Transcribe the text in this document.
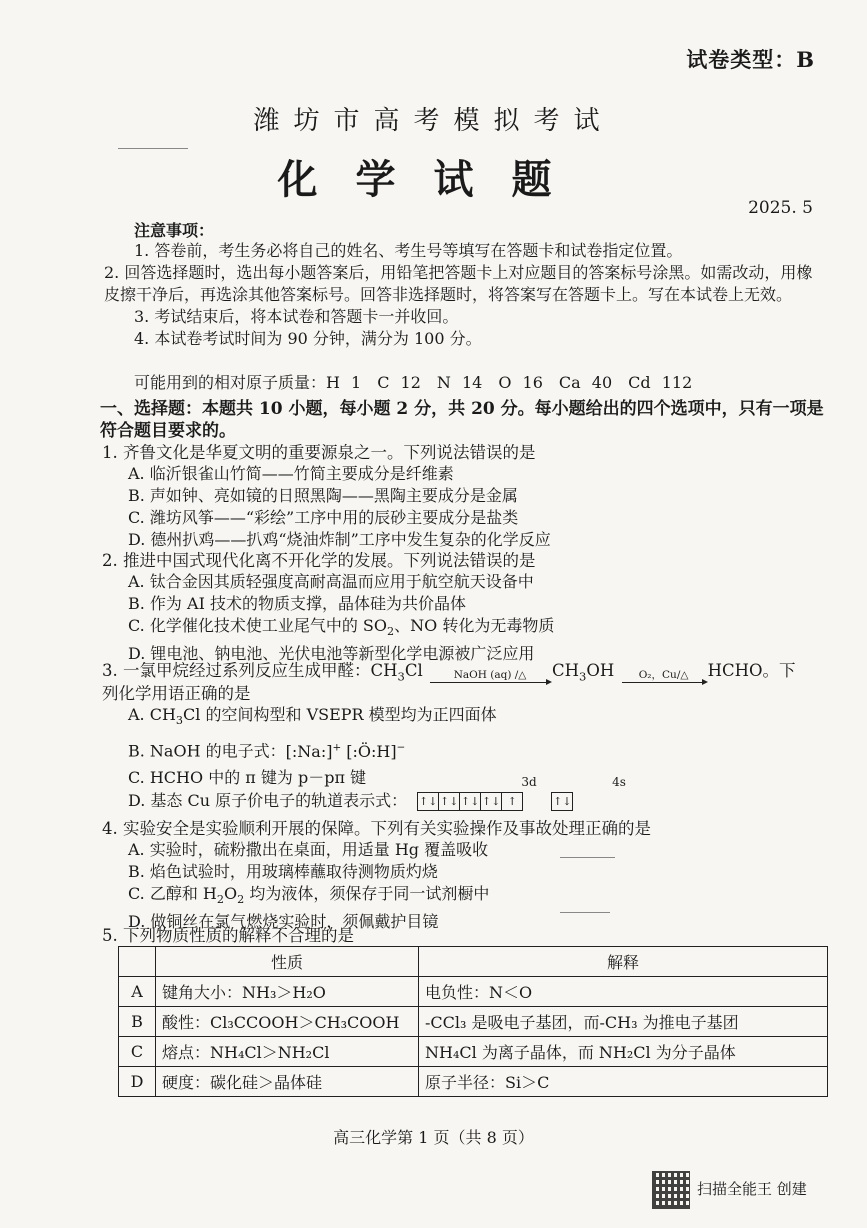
试卷类型：B
潍坊市高考模拟考试
化学试题
2025. 5
注意事项：

1. 答卷前，考生务必将自己的姓名、考生号等填写在答题卡和试卷指定位置。

2. 回答选择题时，选出每小题答案后，用铅笔把答题卡上对应题目的答案标号涂黑。如需改动，用橡皮擦干净后，再选涂其他答案标号。回答非选择题时，将答案写在答题卡上。写在本试卷上无效。

3. 考试结束后，将本试卷和答题卡一并收回。

4. 本试卷考试时间为 90 分钟，满分为 100 分。

可能用到的相对原子质量：H 1　C 12　N 14　O 16　Ca 40　Cd 112
一、选择题：本题共 10 小题，每小题 2 分，共 20 分。每小题给出的四个选项中，只有一项是符合题目要求的。
1. 齐鲁文化是华夏文明的重要源泉之一。下列说法错误的是
A. 临沂银雀山竹简——竹简主要成分是纤维素
B. 声如钟、亮如镜的日照黑陶——黑陶主要成分是金属
C. 潍坊风筝——“彩绘”工序中用的辰砂主要成分是盐类
D. 德州扒鸡——扒鸡“烧油炸制”工序中发生复杂的化学反应
2. 推进中国式现代化离不开化学的发展。下列说法错误的是
A. 钛合金因其质轻强度高耐高温而应用于航空航天设备中
B. 作为 AI 技术的物质支撑，晶体硅为共价晶体
C. 化学催化技术使工业尾气中的 $SO_2$、NO 转化为无毒物质
D. 锂电池、钠电池、光伏电池等新型化学电源被广泛应用
3. 一氯甲烷经过系列反应生成甲醛：$CH_3Cl$	NaOH (aq) /△ $CH_3OH$ O₂，Cu/△ HCHO。下
列化学用语正确的是
A. $CH_3Cl$ 的空间构型和 VSEPR 模型均为正四面体
B. NaOH 的电子式：[:Na:]+ [:Ö:H]−
C. HCHO 中的 π 键为 p－pπ 键	3d	4s
D. 基态 Cu 原子价电子的轨道表示式： ↑↓ ↑↓ ↑↓ ↑↓ ↑	↑↓
4. 实验安全是实验顺利开展的保障。下列有关实验操作及事故处理正确的是
A. 实验时，硫粉撒出在桌面，用适量 Hg 覆盖吸收
B. 焰色试验时，用玻璃棒蘸取待测物质灼烧
C. 乙醇和 $H_2O_2$ 均为液体，须保存于同一试剂橱中
D. 做铜丝在氯气燃烧实验时，须佩戴护目镜
5. 下列物质性质的解释不合理的是
	性质	解释
A	键角大小：NH₃＞H₂O	电负性：N＜O
B	酸性：Cl₃CCOOH＞CH₃COOH	-CCl₃ 是吸电子基团，而-CH₃ 为推电子基团
C	熔点：NH₄Cl＞NH₂Cl	NH₄Cl 为离子晶体，而 NH₂Cl 为分子晶体
D	硬度：碳化硅＞晶体硅	原子半径：Si＞C
高三化学第 1 页（共 8 页）
扫描全能王 创建
